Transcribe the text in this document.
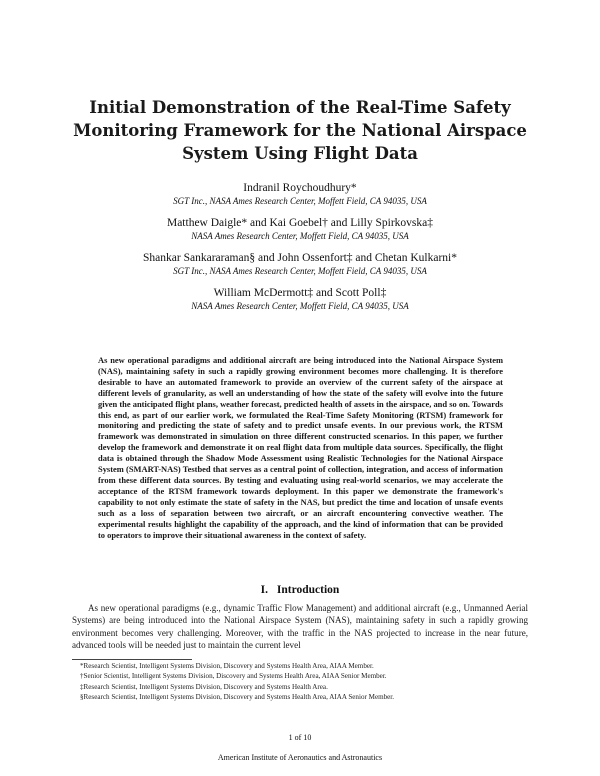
Initial Demonstration of the Real-Time Safety
Monitoring Framework for the National Airspace
System Using Flight Data
Indranil Roychoudhury*
SGT Inc., NASA Ames Research Center, Moffett Field, CA 94035, USA
Matthew Daigle* and Kai Goebel† and Lilly Spirkovska‡
NASA Ames Research Center, Moffett Field, CA 94035, USA
Shankar Sankararaman§ and John Ossenfort‡ and Chetan Kulkarni*
SGT Inc., NASA Ames Research Center, Moffett Field, CA 94035, USA
William McDermott‡ and Scott Poll‡
NASA Ames Research Center, Moffett Field, CA 94035, USA
As new operational paradigms and additional aircraft are being introduced into the National Airspace System (NAS), maintaining safety in such a rapidly growing environment becomes more challenging. It is therefore desirable to have an automated framework to provide an overview of the current safety of the airspace at different levels of granularity, as well an understanding of how the state of the safety will evolve into the future given the anticipated flight plans, weather forecast, predicted health of assets in the airspace, and so on. Towards this end, as part of our earlier work, we formulated the Real-Time Safety Monitoring (RTSM) framework for monitoring and predicting the state of safety and to predict unsafe events. In our previous work, the RTSM framework was demonstrated in simulation on three different constructed scenarios. In this paper, we further develop the framework and demonstrate it on real flight data from multiple data sources. Specifically, the flight data is obtained through the Shadow Mode Assessment using Realistic Technologies for the National Airspace System (SMART-NAS) Testbed that serves as a central point of collection, integration, and access of information from these different data sources. By testing and evaluating using real-world scenarios, we may accelerate the acceptance of the RTSM framework towards deployment. In this paper we demonstrate the framework's capability to not only estimate the state of safety in the NAS, but predict the time and location of unsafe events such as a loss of separation between two aircraft, or an aircraft encountering convective weather. The experimental results highlight the capability of the approach, and the kind of information that can be provided to operators to improve their situational awareness in the context of safety.
I. Introduction
As new operational paradigms (e.g., dynamic Traffic Flow Management) and additional aircraft (e.g., Unmanned Aerial Systems) are being introduced into the National Airspace System (NAS), maintaining safety in such a rapidly growing environment becomes very challenging. Moreover, with the traffic in the NAS projected to increase in the near future, advanced tools will be needed just to maintain the current level
*Research Scientist, Intelligent Systems Division, Discovery and Systems Health Area, AIAA Member.
†Senior Scientist, Intelligent Systems Division, Discovery and Systems Health Area, AIAA Senior Member.
‡Research Scientist, Intelligent Systems Division, Discovery and Systems Health Area.
§Research Scientist, Intelligent Systems Division, Discovery and Systems Health Area, AIAA Senior Member.
1 of 10
American Institute of Aeronautics and Astronautics
